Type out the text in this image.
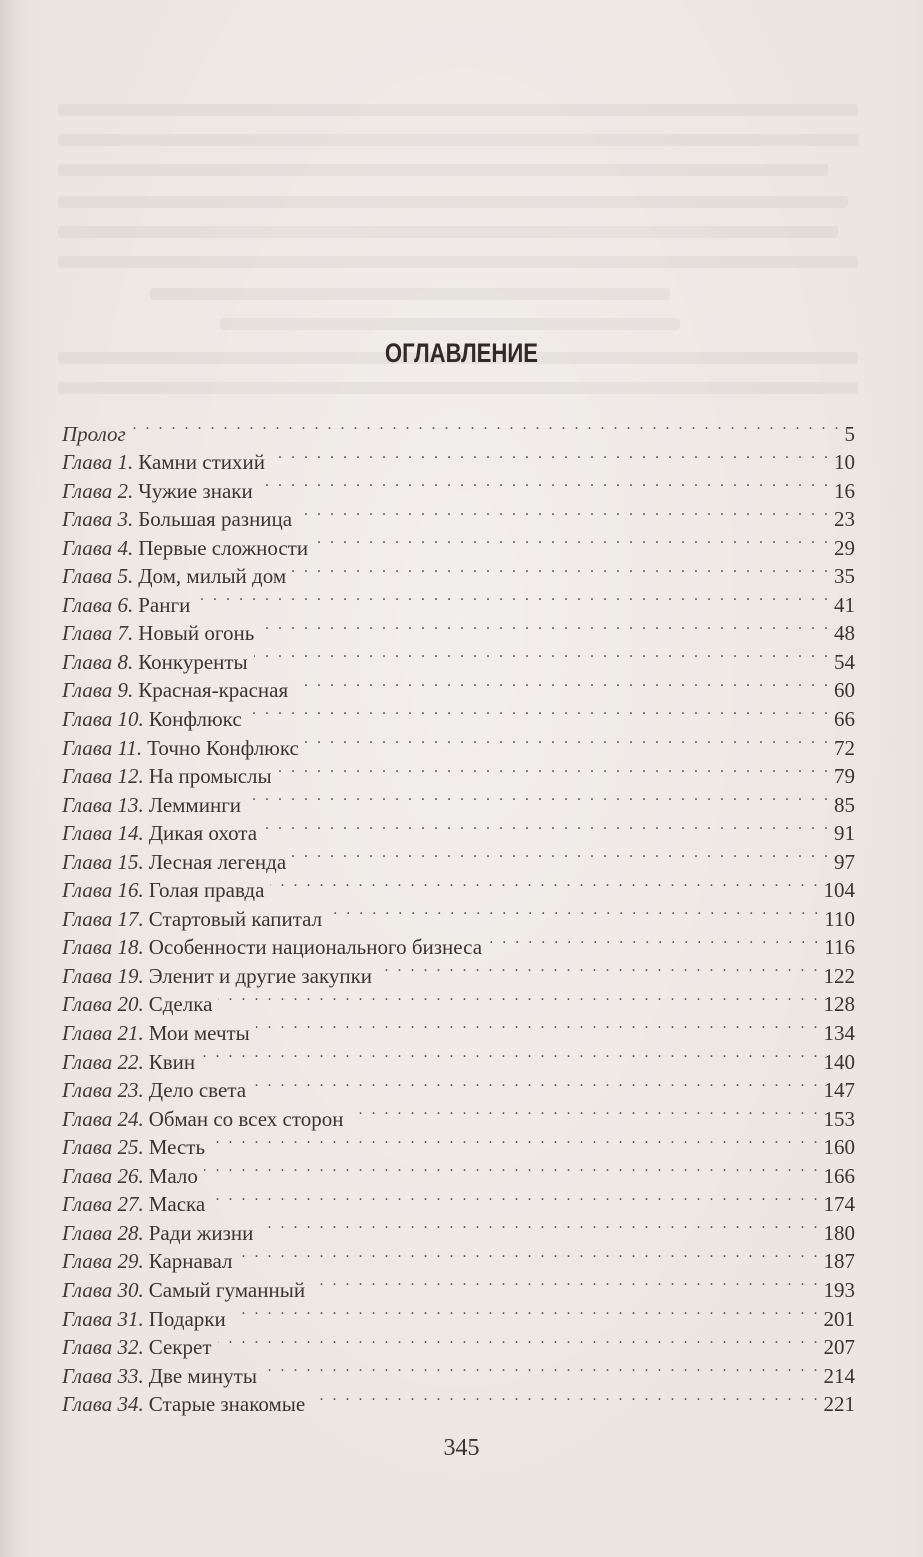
ОГЛАВЛЕНИЕ
Пролог . . .	5
Глава 1. Камни стихий . . .	10
Глава 2. Чужие знаки . . .	16
Глава 3. Большая разница . . .	23
Глава 4. Первые сложности . . .	29
Глава 5. Дом, милый дом . . .	35
Глава 6. Ранги . . .	41
Глава 7. Новый огонь . . .	48
Глава 8. Конкуренты . . .	54
Глава 9. Красная-красная . . .	60
Глава 10. Конфлюкс . . .	66
Глава 11. Точно Конфлюкс . . .	72
Глава 12. На промыслы . . .	79
Глава 13. Лемминги . . .	85
Глава 14. Дикая охота . . .	91
Глава 15. Лесная легенда . . .	97
Глава 16. Голая правда . . .	104
Глава 17. Стартовый капитал . . .	110
Глава 18. Особенности национального бизнеса . . .	116
Глава 19. Эленит и другие закупки . . .	122
Глава 20. Сделка . . .	128
Глава 21. Мои мечты . . .	134
Глава 22. Квин . . .	140
Глава 23. Дело света . . .	147
Глава 24. Обман со всех сторон . . .	153
Глава 25. Месть . . .	160
Глава 26. Мало . . .	166
Глава 27. Маска . . .	174
Глава 28. Ради жизни . . .	180
Глава 29. Карнавал . . .	187
Глава 30. Самый гуманный . . .	193
Глава 31. Подарки . . .	201
Глава 32. Секрет . . .	207
Глава 33. Две минуты . . .	214
Глава 34. Старые знакомые . . .	221
345
